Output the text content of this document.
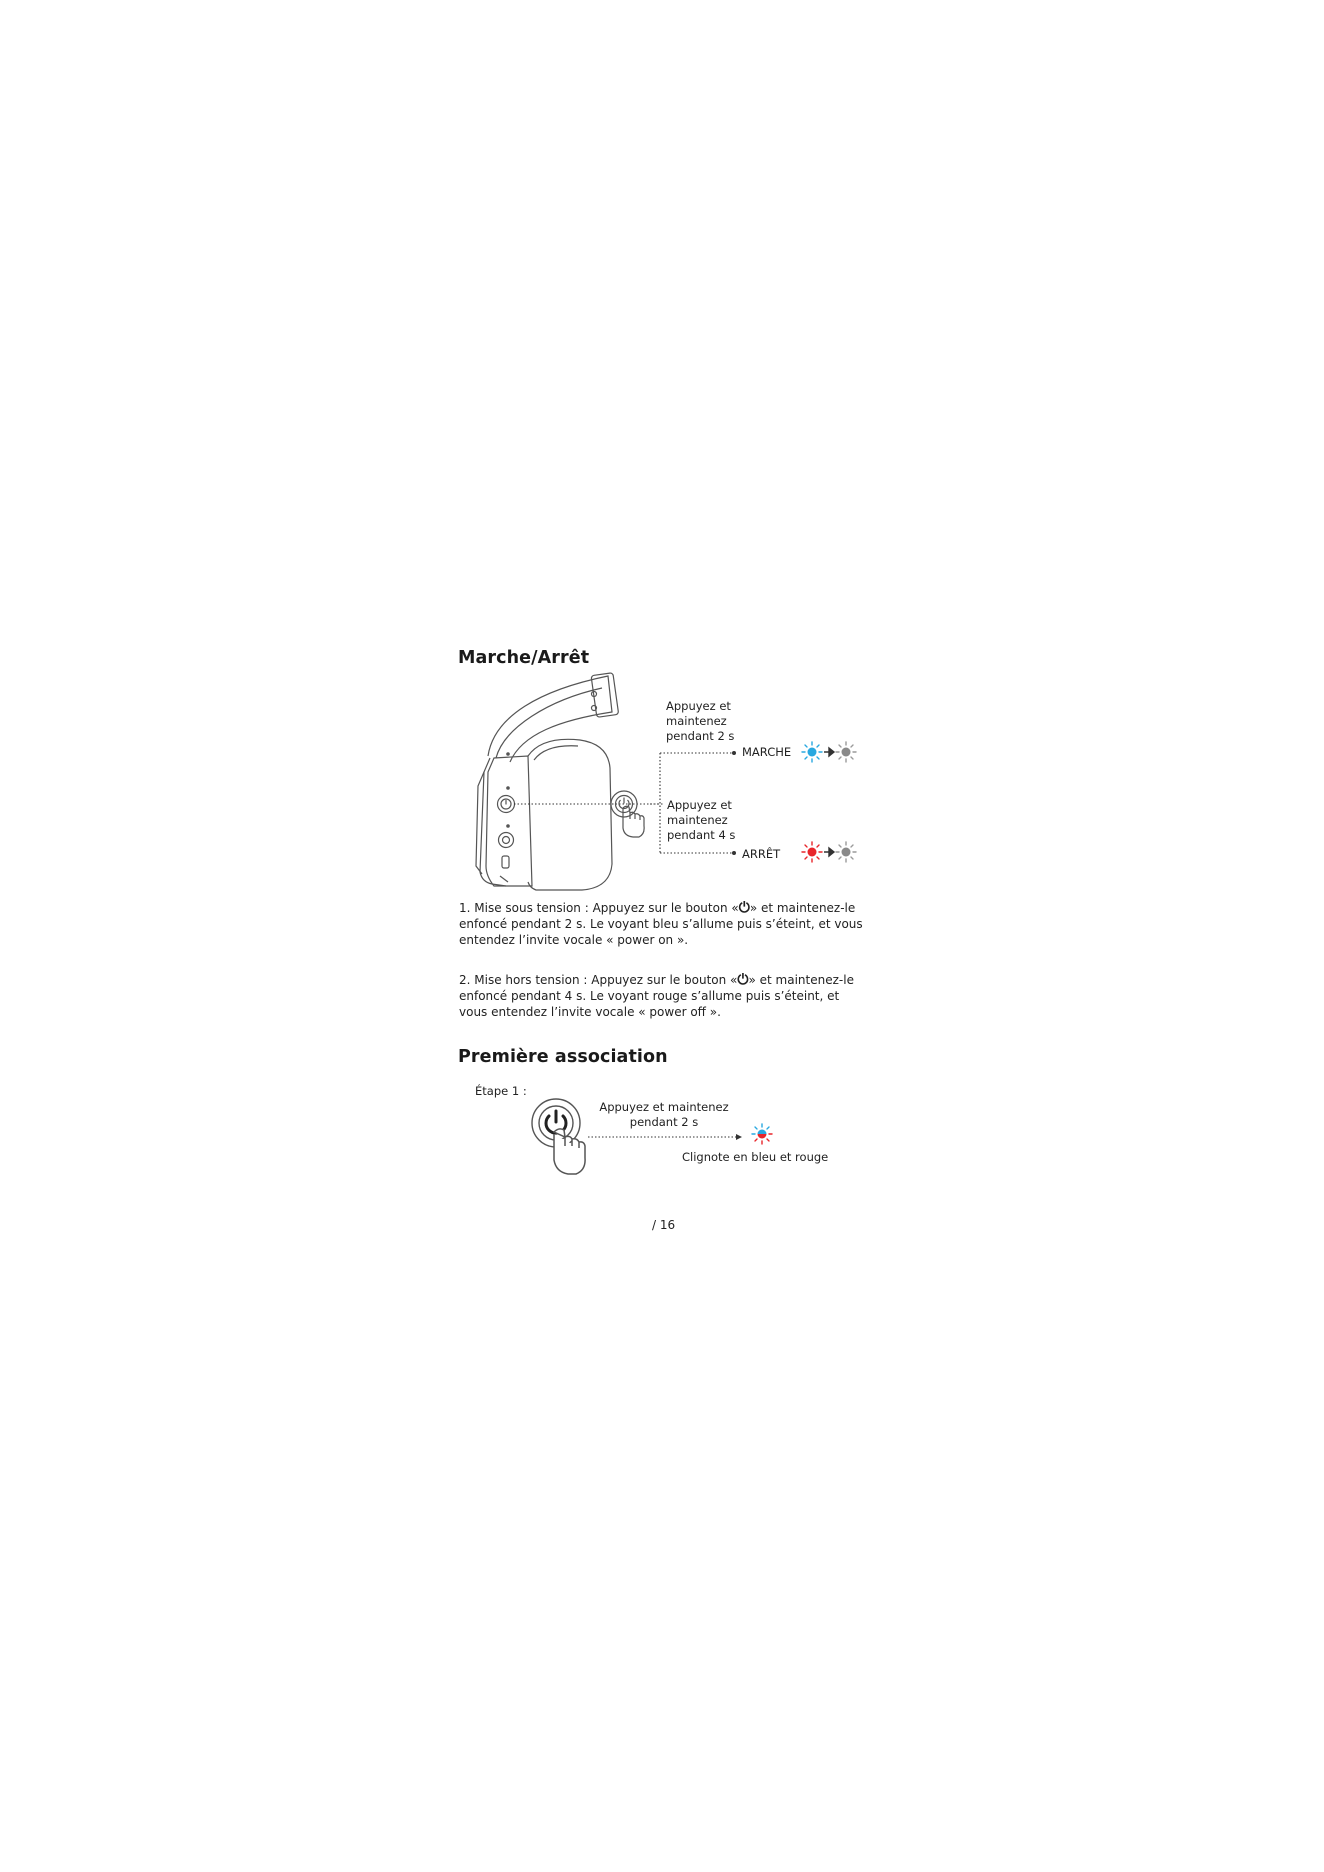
Marche/Arrêt
Appuyez et
maintenez
pendant 2 s
MARCHE
Appuyez et
maintenez
pendant 4 s
ARRÊT
1. Mise sous tension : Appuyez sur le bouton «⏻» et maintenez-le enfoncé pendant 2 s. Le voyant bleu s’allume puis s’éteint, et vous entendez l’invite vocale « power on ».
2. Mise hors tension : Appuyez sur le bouton «⏻» et maintenez-le enfoncé pendant 4 s. Le voyant rouge s’allume puis s’éteint, et vous entendez l’invite vocale « power off ».
Première association
Étape 1 :
Appuyez et maintenez
pendant 2 s
Clignote en bleu et rouge
/ 16
